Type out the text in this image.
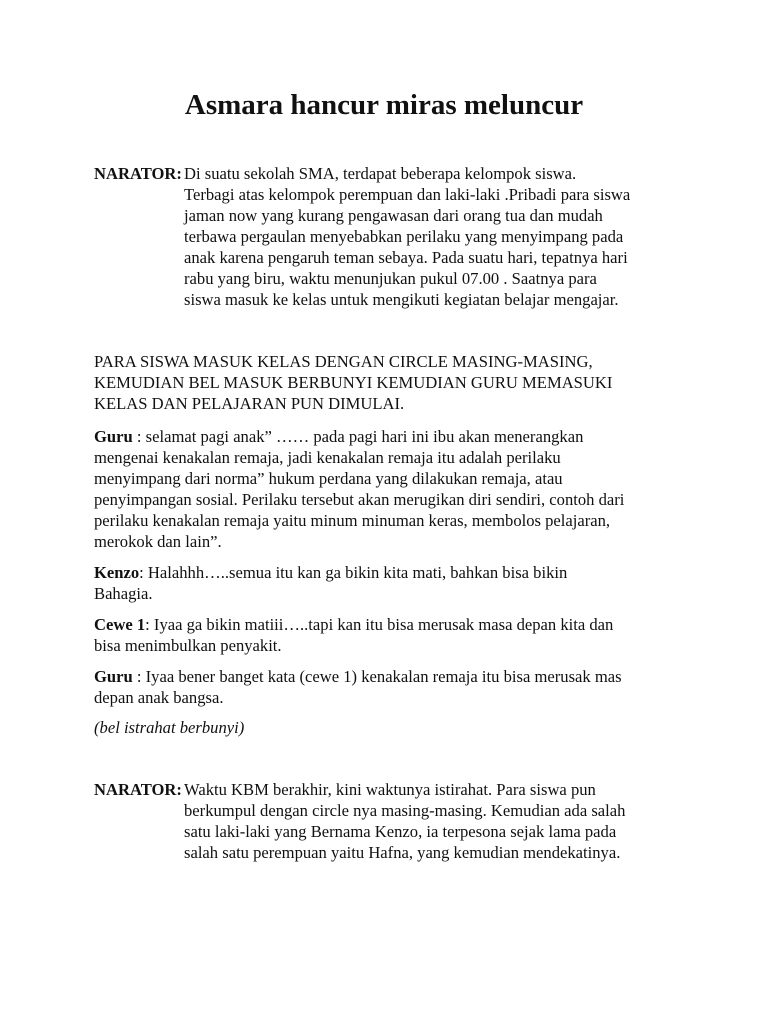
Asmara hancur miras meluncur
NARATOR: Di suatu sekolah SMA, terdapat beberapa kelompok siswa.
Terbagi atas kelompok perempuan dan laki-laki .Pribadi para siswa
jaman now yang kurang pengawasan dari orang tua dan mudah
terbawa pergaulan menyebabkan perilaku yang menyimpang pada
anak karena pengaruh teman sebaya. Pada suatu hari, tepatnya hari
rabu yang biru, waktu menunjukan pukul 07.00 . Saatnya para
siswa masuk ke kelas untuk mengikuti kegiatan belajar mengajar.
PARA SISWA MASUK KELAS DENGAN CIRCLE MASING-MASING,
KEMUDIAN BEL MASUK BERBUNYI KEMUDIAN GURU MEMASUKI
KELAS DAN PELAJARAN PUN DIMULAI.
Guru : selamat pagi anak” …… pada pagi hari ini ibu akan menerangkan
mengenai kenakalan remaja, jadi kenakalan remaja itu adalah perilaku
menyimpang dari norma” hukum perdana yang dilakukan remaja, atau
penyimpangan sosial. Perilaku tersebut akan merugikan diri sendiri, contoh dari
perilaku kenakalan remaja yaitu minum minuman keras, membolos pelajaran,
merokok dan lain”.
Kenzo: Halahhh…..semua itu kan ga bikin kita mati, bahkan bisa bikin
Bahagia.
Cewe 1: Iyaa ga bikin matiii…..tapi kan itu bisa merusak masa depan kita dan
bisa menimbulkan penyakit.
Guru : Iyaa bener banget kata (cewe 1) kenakalan remaja itu bisa merusak mas
depan anak bangsa.
(bel istrahat berbunyi)
NARATOR: Waktu KBM berakhir, kini waktunya istirahat. Para siswa pun
berkumpul dengan circle nya masing-masing. Kemudian ada salah
satu laki-laki yang Bernama Kenzo, ia terpesona sejak lama pada
salah satu perempuan yaitu Hafna, yang kemudian mendekatinya.
